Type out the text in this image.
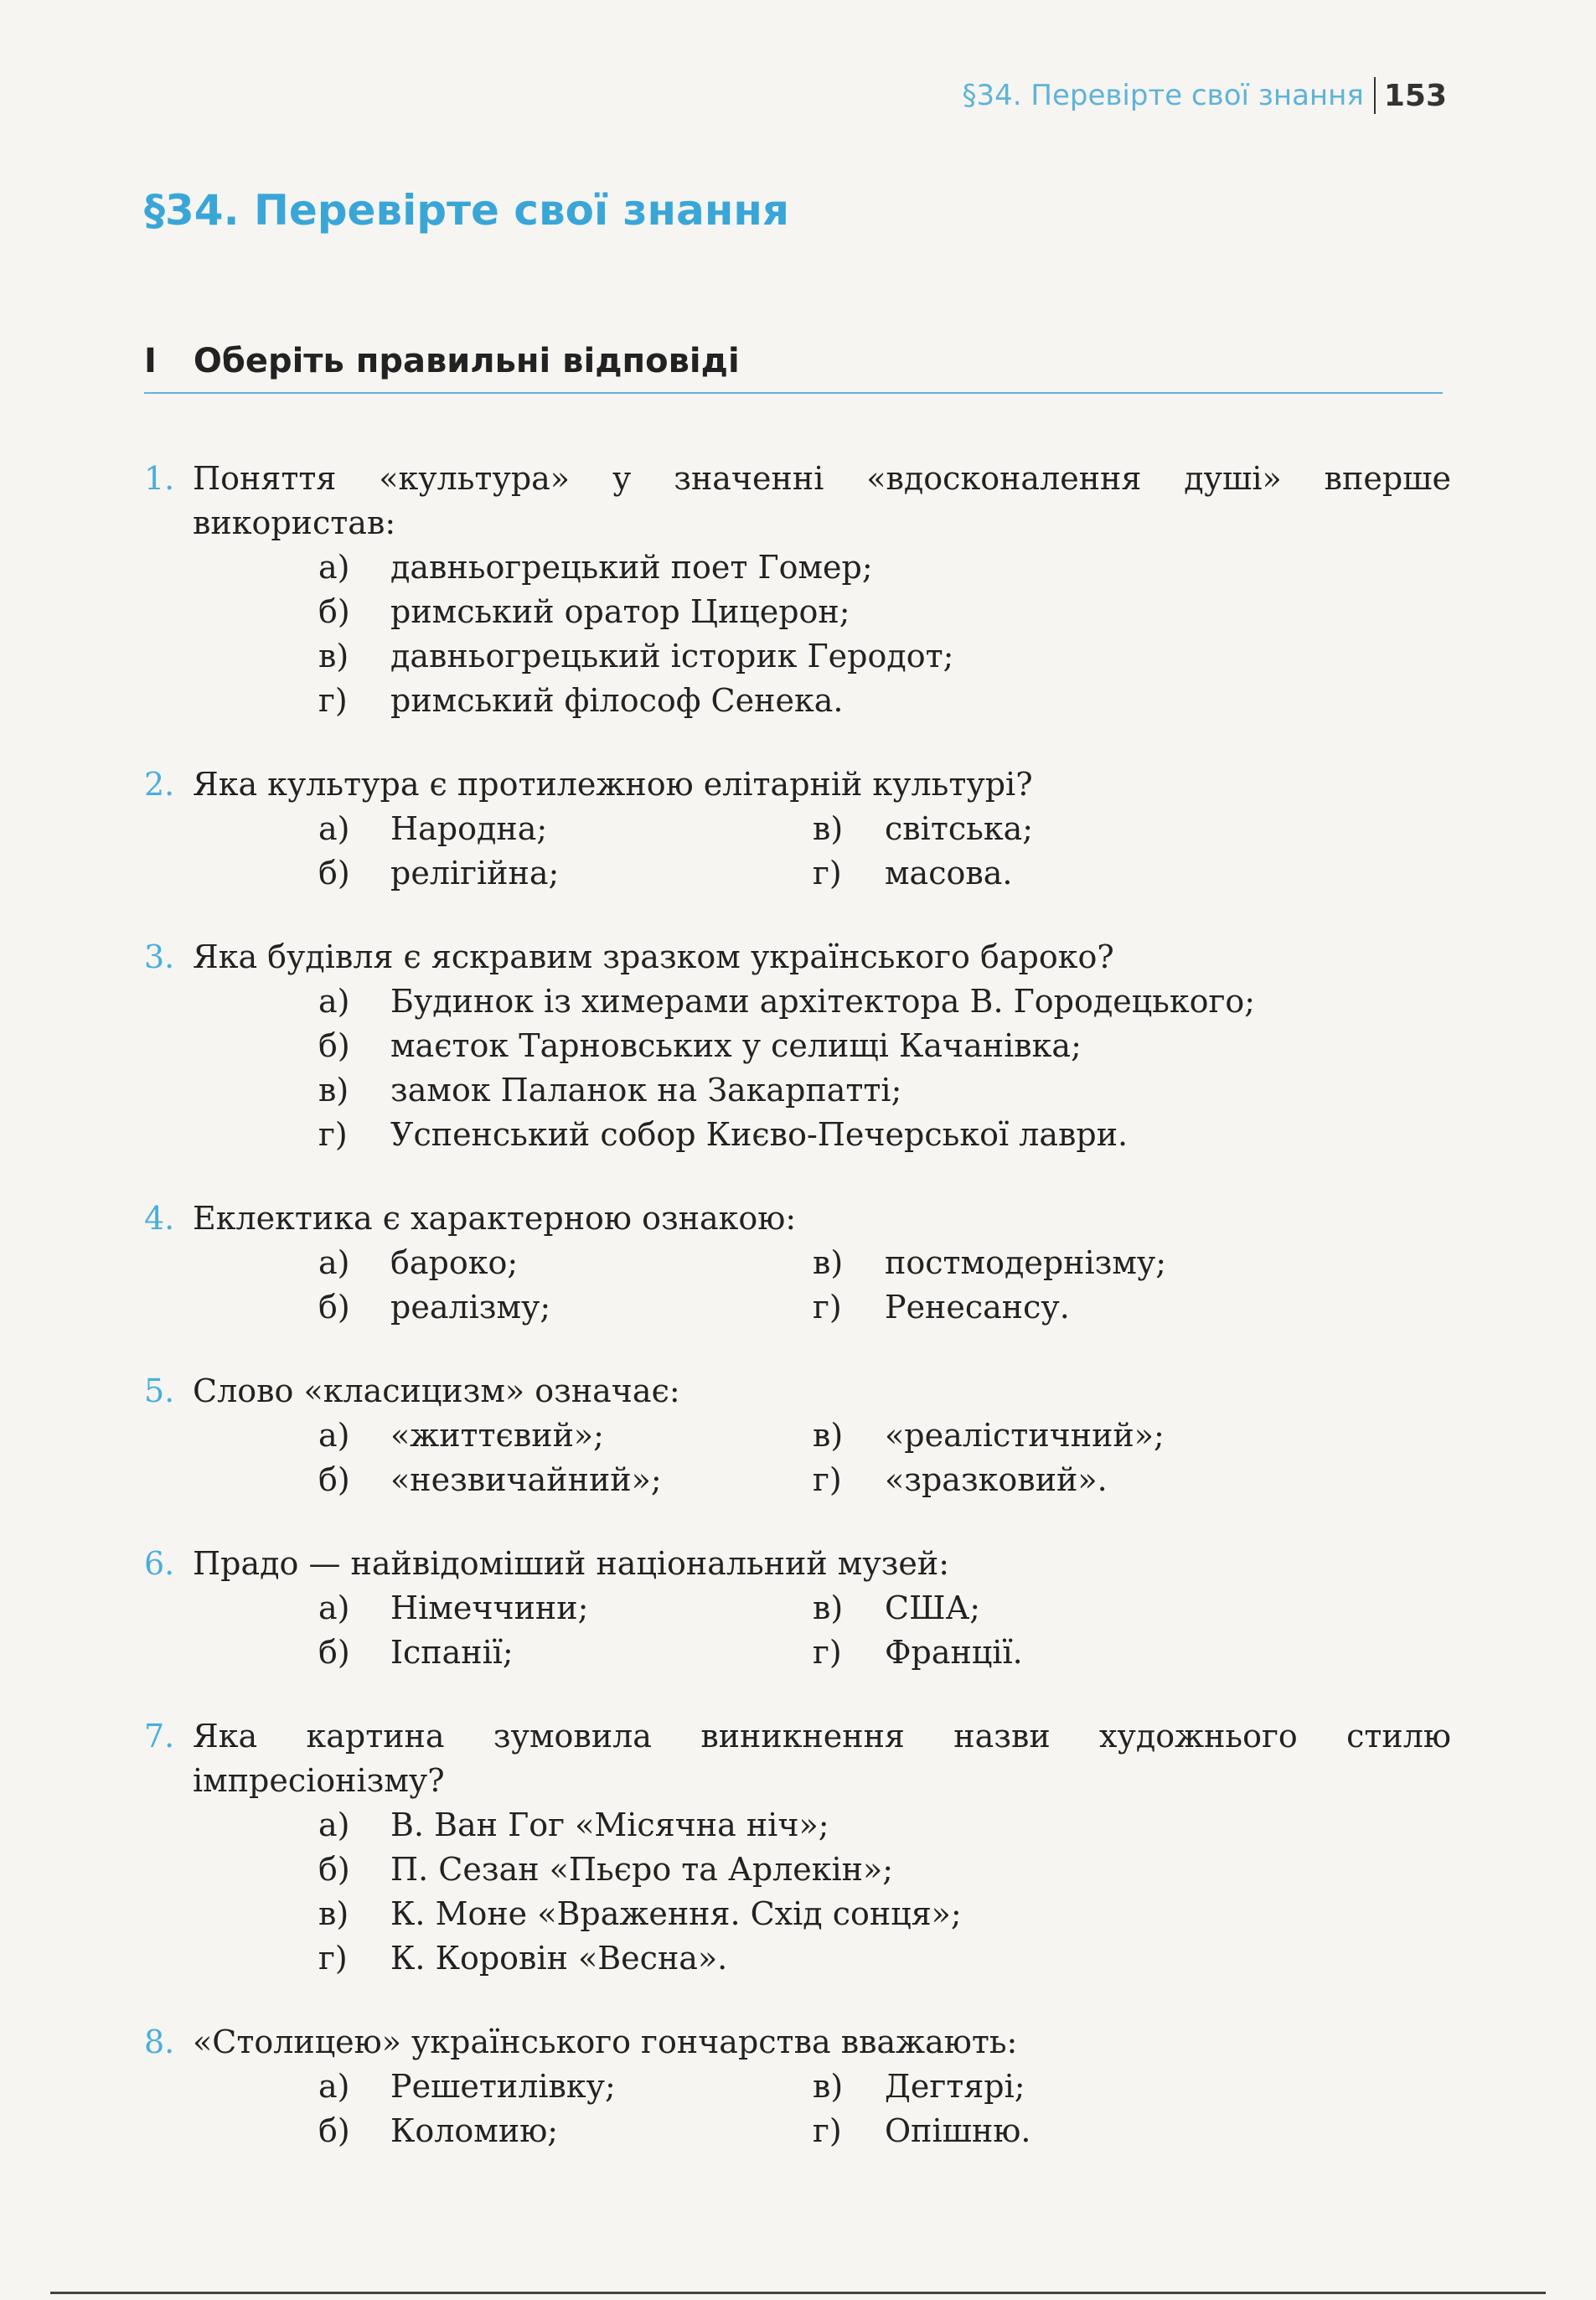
§34. Перевірте свої знання 153
§34. Перевірте свої знання
I Оберіть правильні відповіді
1. Поняття «культура» у значенні «вдосконалення душі» вперше використав:
а)	давньогрецький поет Гомер;
б)	римський оратор Цицерон;
в)	давньогрецький історик Геродот;
г)	римський філософ Сенека.
2. Яка культура є протилежною елітарній культурі?
а)	Народна;	в)	світська;
б)	релігійна;	г)	масова.
3. Яка будівля є яскравим зразком українського бароко?
а)	Будинок із химерами архітектора В. Городецького;
б)	маєток Тарновських у селищі Качанівка;
в)	замок Паланок на Закарпатті;
г)	Успенський собор Києво-Печерської лаври.
4. Еклектика є характерною ознакою:
а)	бароко;	в)	постмодернізму;
б)	реалізму;	г)	Ренесансу.
5. Слово «класицизм» означає:
а)	«життєвий»;	в)	«реалістичний»;
б)	«незвичайний»;	г)	«зразковий».
6. Прадо — найвідоміший національний музей:
а)	Німеччини;	в)	США;
б)	Іспанії;	г)	Франції.
7. Яка картина зумовила виникнення назви художнього стилю імпресіонізму?
а)	В. Ван Гог «Місячна ніч»;
б)	П. Сезан «Пьєро та Арлекін»;
в)	К. Моне «Враження. Схід сонця»;
г)	К. Коровін «Весна».
8. «Столицею» українського гончарства вважають:
а)	Решетилівку;	в)	Дегтярі;
б)	Коломию;	г)	Опішню.
